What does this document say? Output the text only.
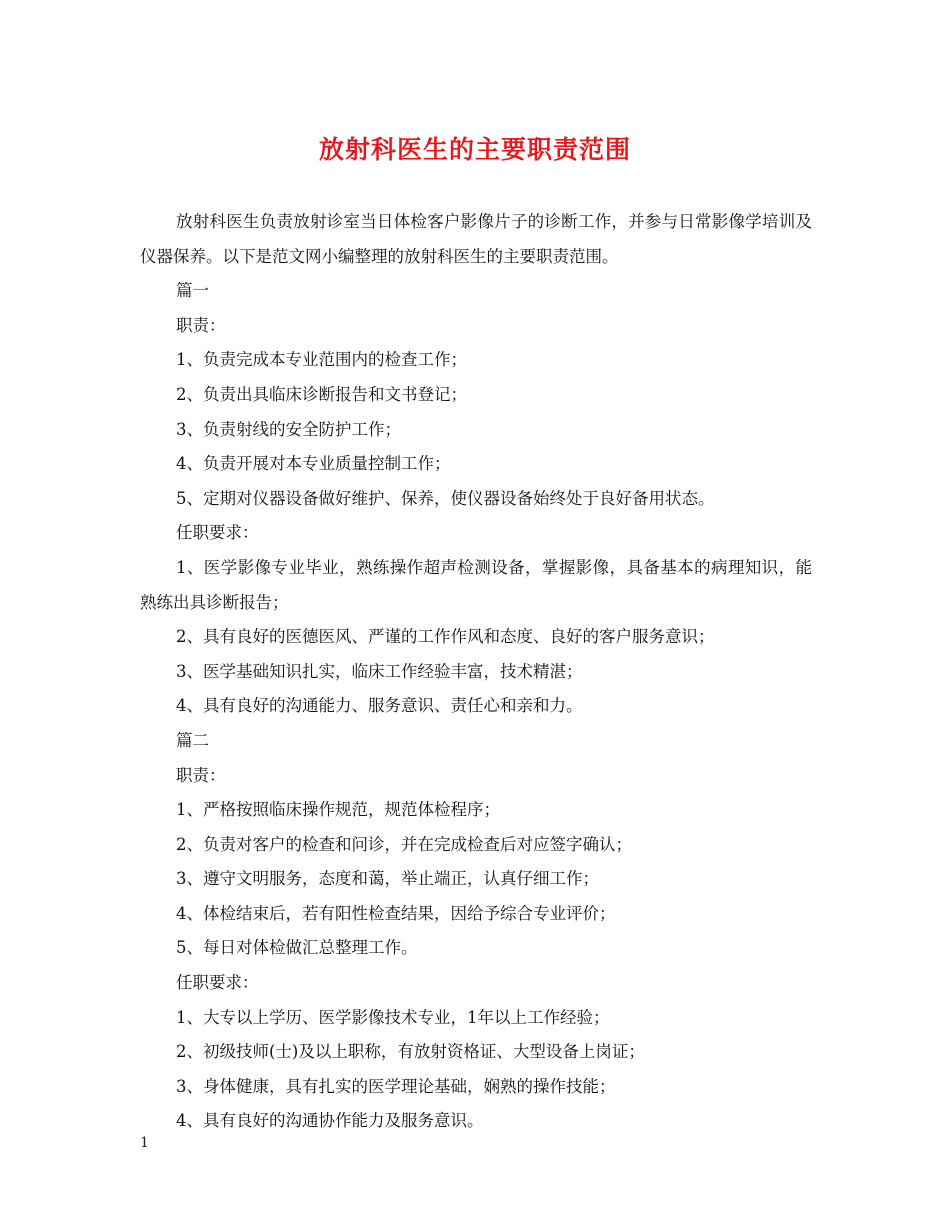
放射科医生的主要职责范围

放射科医生负责放射诊室当日体检客户影像片子的诊断工作，并参与日常影像学培训及仪器保养。以下是范文网小编整理的放射科医生的主要职责范围。

篇一

职责：

1、负责完成本专业范围内的检查工作；

2、负责出具临床诊断报告和文书登记；

3、负责射线的安全防护工作；

4、负责开展对本专业质量控制工作；

5、定期对仪器设备做好维护、保养，使仪器设备始终处于良好备用状态。

任职要求：

1、医学影像专业毕业，熟练操作超声检测设备，掌握影像，具备基本的病理知识，能熟练出具诊断报告；

2、具有良好的医德医风、严谨的工作作风和态度、良好的客户服务意识；

3、医学基础知识扎实，临床工作经验丰富，技术精湛；

4、具有良好的沟通能力、服务意识、责任心和亲和力。

篇二

职责：

1、严格按照临床操作规范，规范体检程序；

2、负责对客户的检查和问诊，并在完成检查后对应签字确认；

3、遵守文明服务，态度和蔼，举止端正，认真仔细工作；

4、体检结束后，若有阳性检查结果，因给予综合专业评价；

5、每日对体检做汇总整理工作。

任职要求：

1、大专以上学历、医学影像技术专业，1年以上工作经验；

2、初级技师(士)及以上职称，有放射资格证、大型设备上岗证；

3、身体健康，具有扎实的医学理论基础，娴熟的操作技能；

4、具有良好的沟通协作能力及服务意识。

1
